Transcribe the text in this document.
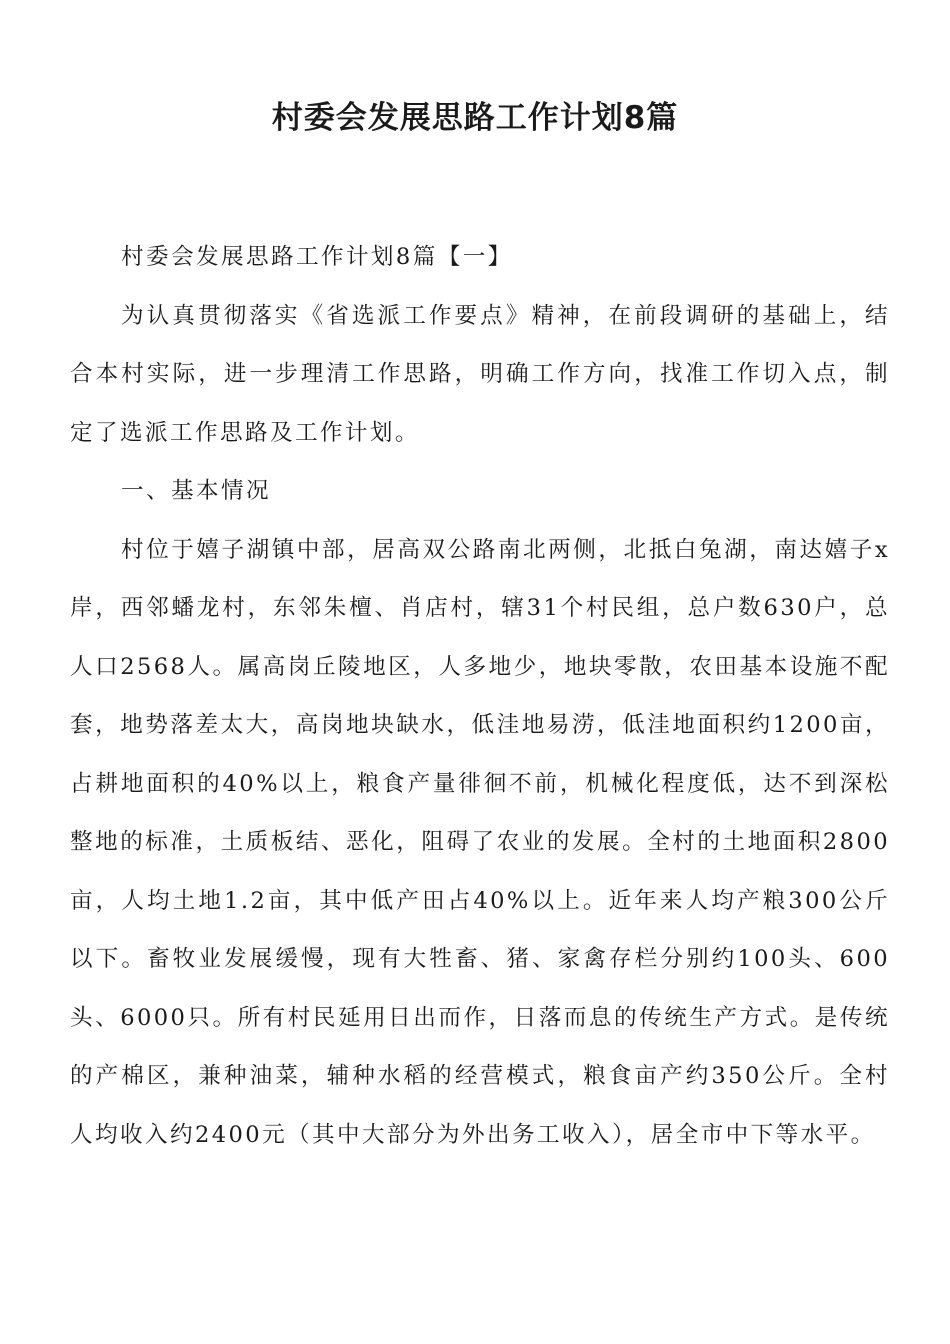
村委会发展思路工作计划8篇

村委会发展思路工作计划8篇【一】

为认真贯彻落实《省选派工作要点》精神，在前段调研的基础上，结合本村实际，进一步理清工作思路，明确工作方向，找准工作切入点，制定了选派工作思路及工作计划。

一、基本情况

村位于嬉子湖镇中部，居高双公路南北两侧，北抵白兔湖，南达嬉子x岸，西邻蟠龙村，东邻朱檀、肖店村，辖31个村民组，总户数630户，总人口2568人。属高岗丘陵地区，人多地少，地块零散，农田基本设施不配套，地势落差太大，高岗地块缺水，低洼地易涝，低洼地面积约1200亩，占耕地面积的40%以上，粮食产量徘徊不前，机械化程度低，达不到深松整地的标准，土质板结、恶化，阻碍了农业的发展。全村的土地面积2800亩，人均土地1.2亩，其中低产田占40%以上。近年来人均产粮300公斤以下。畜牧业发展缓慢，现有大牲畜、猪、家禽存栏分别约100头、600头、6000只。所有村民延用日出而作，日落而息的传统生产方式。是传统的产棉区，兼种油菜，辅种水稻的经营模式，粮食亩产约350公斤。全村人均收入约2400元（其中大部分为外出务工收入），居全市中下等水平。
